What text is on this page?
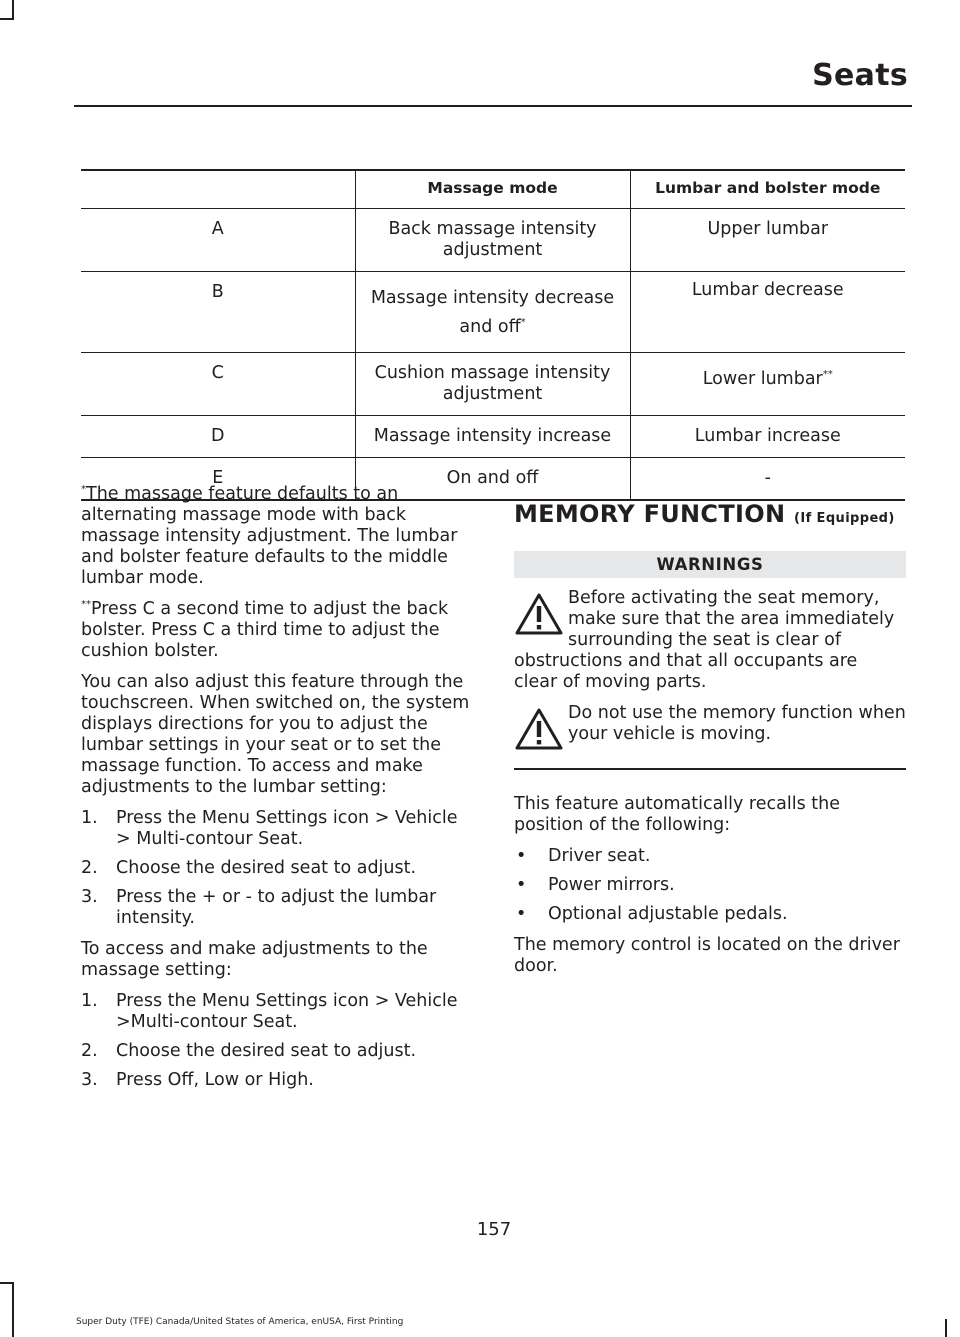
Seats
	Massage mode	Lumbar and bolster mode
A	Back massage intensity adjustment	Upper lumbar
B	Massage intensity decrease and off*	Lumbar decrease
C	Cushion massage intensity adjustment	Lower lumbar**
D	Massage intensity increase	Lumbar increase
E	On and off	-

*The massage feature defaults to an alternating massage mode with back massage intensity adjustment. The lumbar and bolster feature defaults to the middle lumbar mode.

**Press C a second time to adjust the back bolster. Press C a third time to adjust the cushion bolster.

You can also adjust this feature through the touchscreen. When switched on, the system displays directions for you to adjust the lumbar settings in your seat or to set the massage function. To access and make adjustments to the lumbar setting:

1. Press the Menu Settings icon > Vehicle > Multi-contour Seat.
2. Choose the desired seat to adjust.
3. Press the + or - to adjust the lumbar intensity.

To access and make adjustments to the massage setting:

1. Press the Menu Settings icon > Vehicle >Multi-contour Seat.
2. Choose the desired seat to adjust.
3. Press Off, Low or High.
MEMORY FUNCTION (If Equipped)
WARNINGS
Before activating the seat memory, make sure that the area immediately surrounding the seat is clear of obstructions and that all occupants are clear of moving parts.
Do not use the memory function when your vehicle is moving.

This feature automatically recalls the position of the following:

• Driver seat.
• Power mirrors.
• Optional adjustable pedals.

The memory control is located on the driver door.

157
Super Duty (TFE) Canada/United States of America, enUSA, First Printing
